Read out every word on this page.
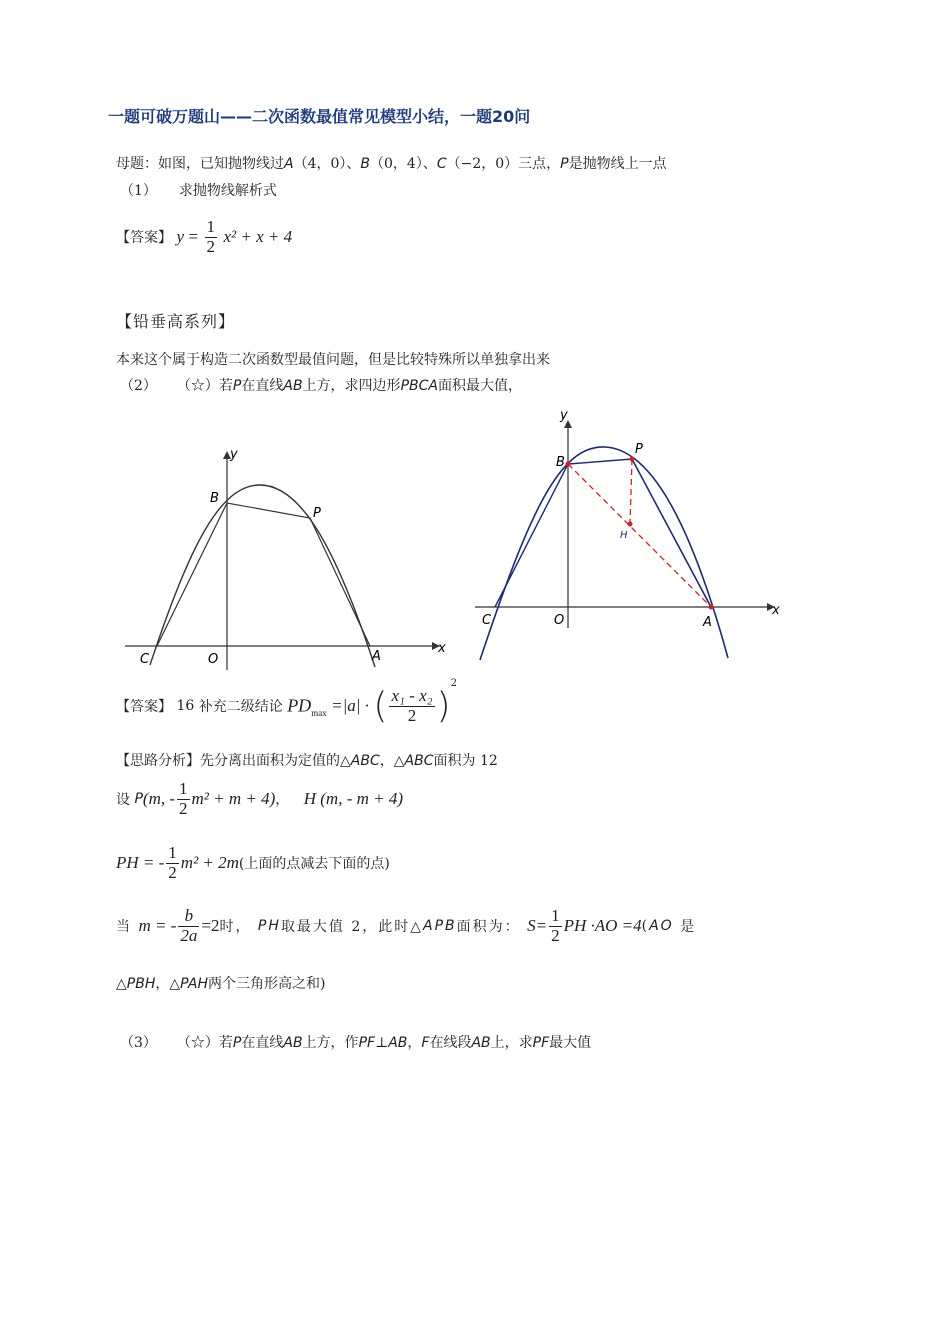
一题可破万题山——二次函数最值常见模型小结，一题20问
母题：如图，已知抛物线过A（4，0）、B（0，4）、C（−2，0）三点，P是抛物线上一点
（1） 求抛物线解析式
【答案】 $y = \frac{1}{2} x^2 + x + 4$
【铅垂高系列】
本来这个属于构造二次函数型最值问题，但是比较特殊所以单独拿出来
（2） （☆）若P在直线AB上方，求四边形PBCA面积最大值，
y
x
B
P
C	O	A
y
x
B
P
H
C	O	A
【答案】 16 补充二级结论 $PD_{max} =|a|$ · ( $\frac{\text{x₁ - x₂}}{2} )^2$
【思路分析】先分离出面积为定值的△ABC，△ABC面积为 12
设 P(m, - $\frac{1}{2} m^2 + m + 4$)， H (m, - m + 4)
PH = - $\frac{1}{2} m^2 + 2m$(上面的点减去下面的点)
当 m = - $\frac{b}{2a} =2$时， PH取最大值 2，此时△APB面积为： $S= \frac{1}{2}$ PH ·AO =4(AO 是
△PBH，△PAH两个三角形高之和)
（3） （☆）若P在直线AB上方，作PF⊥AB，F在线段AB上，求PF最大值
